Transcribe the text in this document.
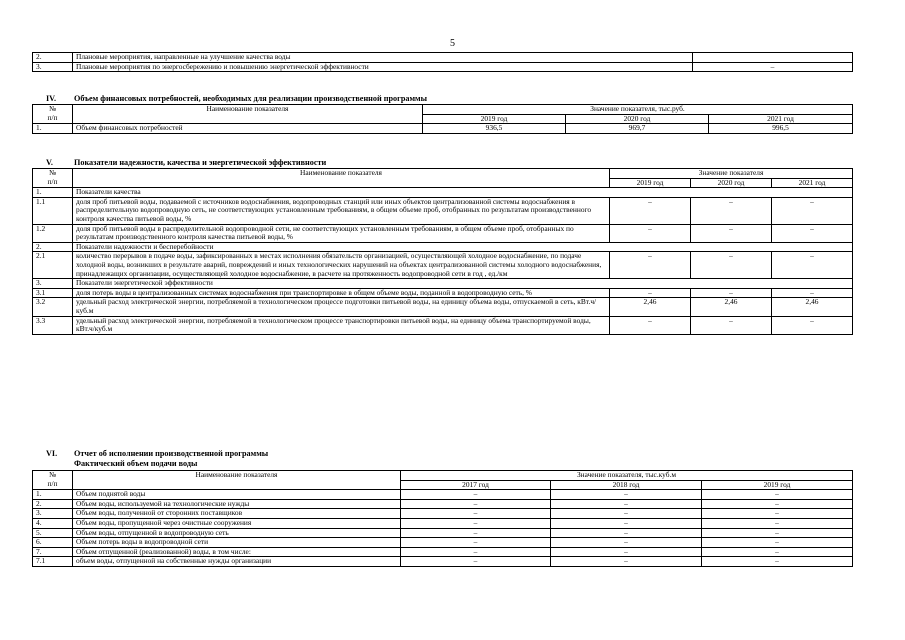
5
2.	Плановые мероприятия, направленные на улучшение качества воды	
3.	Плановые мероприятия по энергосбережению и повышению энергетической эффективности	–
IV. Объем финансовых потребностей, необходимых для реализации производственной программы
№	Наименование показателя	Значение показателя, тыс.руб.		
п/п		2019 год	2020 год	2021 год
1.	Объем финансовых потребностей	936,5	969,7	996,5
V.	Показатели надежности, качества и энергетической эффективности
№	Наименование показателя	Значение показателя		
п/п		2019 год	2020 год	2021 год
1.	Показатели качества			
1.1	доля проб питьевой воды, подаваемой с источников водоснабжения, водопроводных станций или иных объектов централизованной системы водоснабжения в распределительную водопроводную сеть, не соответствующих установленным требованиям, в общем объеме проб, отобранных по результатам производственного контроля качества питьевой воды, %	–	–	–
1.2	доля проб питьевой воды в распределительной водопроводной сети, не соответствующих установленным требованиям, в общем объеме проб, отобранных по результатам производственного контроля качества питьевой воды, %	–	–	–
2.	Показатели надежности и бесперебойности			
2.1	количество перерывов в подаче воды, зафиксированных в местах исполнения обязательств организацией, осуществляющей холодное водоснабжение, по подаче холодной воды, возникших в результате аварий, повреждений и иных технологических нарушений на объектах централизованной системы холодного водоснабжения, принадлежащих организации, осуществляющей холодное водоснабжение, в расчете на протяженность водопроводной сети в год , ед./км	–	–	–
3.	Показатели энергетической эффективности			
3.1	доля потерь воды в централизованных системах водоснабжения при транспортировке в общем объеме воды, поданной в водопроводную сеть, %	–	–	–
3.2	удельный расход электрической энергии, потребляемой в технологическом процессе подготовки питьевой воды, на единицу объема воды, отпускаемой в сеть, кВт.ч/куб.м	2,46	2,46	2,46
3.3	удельный расход электрической энергии, потребляемой в технологическом процессе транспортировки питьевой воды, на единицу объема транспортируемой воды, кВт.ч/куб.м	–	–	–
VI. Отчет об исполнении производственной программы
Фактический объем подачи воды
№	Наименование показателя	Значение показателя, тыс.куб.м		
п/п		2017 год	2018 год	2019 год
1.	Объем поднятой воды	–	–	–
2.	Объем воды, используемой на технологические нужды	–	–	–
3.	Объем воды, полученной от сторонних поставщиков	–	–	–
4.	Объем воды, пропущенной через очистные сооружения	–	–	–
5.	Объем воды, отпущенной в водопроводную сеть	–	–	–
6.	Объем потерь воды в водопроводной сети	–	–	–
7.	Объем отпущенной (реализованной) воды, в том числе:	–	–	–
7.1	объем воды, отпущенной на собственные нужды организации	–	–	–
